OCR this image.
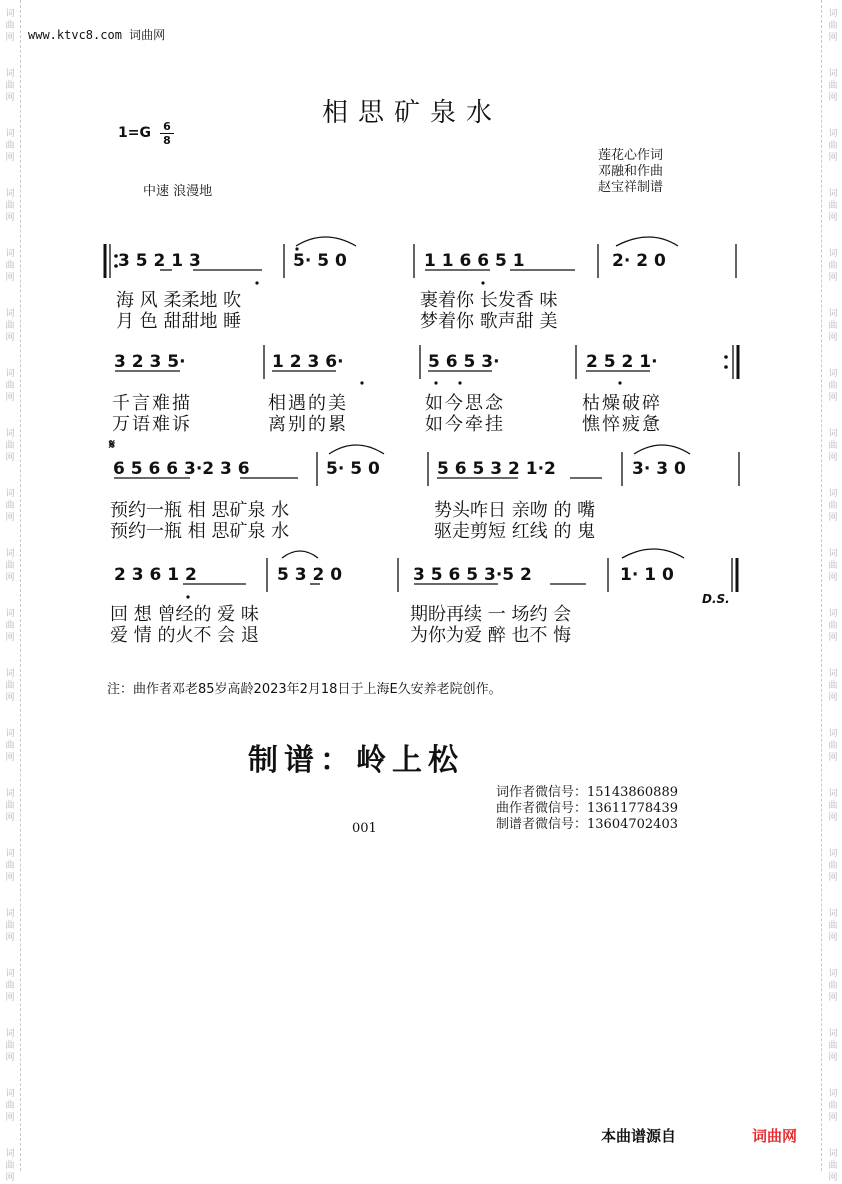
词
曲
网
词
曲
网
词
曲
网
词
曲
网
词
曲
网
词
曲
网
词
曲
网
词
曲
网
词
曲
网
词
曲
网
词
曲
网
词
曲
网
词
曲
网
词
曲
网
词
曲
网
词
曲
网
词
曲
网
词
曲
网
词
曲
网
词
曲
网
词
曲
网
词
曲
网
词
曲
网
词
曲
网
词
曲
网
词
曲
网
词
曲
网
词
曲
网
词
曲
网
词
曲
网
词
曲
网
词
曲
网
词
曲
网
词
曲
网
词
曲
网
词
曲
网
词
曲
网
词
曲
网
词
曲
网
词
曲
网
www.ktvc8.com 词曲网
相思矿泉水
$1=G \frac{6}{8}$
中速 浪漫地
莲花心作词
邓融和作曲
赵宝祥制谱
3 5 2 1 3	5· 5 0	1 1 6 6 5 1	2· 2 0
海 风 柔柔地 吹	裹着你 长发香 味
月 色 甜甜地 睡	梦着你 歌声甜 美
3 2 3 5·	1 2 3 6·	5 6 5 3·	2 5 2 1·
千言难描	相遇的美	如今思念	枯燥破碎
万语难诉	离别的累	如今牵挂	憔悴疲惫
𝄋
6 5 6 6 3·2 3 6	5· 5 0	5 6 5 3 2 1·2	3· 3 0
预约一瓶 相 思矿泉 水	势头咋日 亲吻 的 嘴
预约一瓶 相 思矿泉 水	驱走剪短 红线 的 鬼
2 3 6 1 2	5 3 2 0	3 5 6 5 3·5 2	1· 1 0
D.S.
回 想 曾经的 爱 味	期盼再续 一 场约 会
爱 情 的火不 会 退	为你为爱 醉 也不 悔
注：曲作者邓老85岁高龄2023年2月18日于上海E久安养老院创作。
制谱：岭上松
词作者微信号：15143860889
曲作者微信号：13611778439
制谱者微信号：13604702403
001
本曲谱源自	词曲网
